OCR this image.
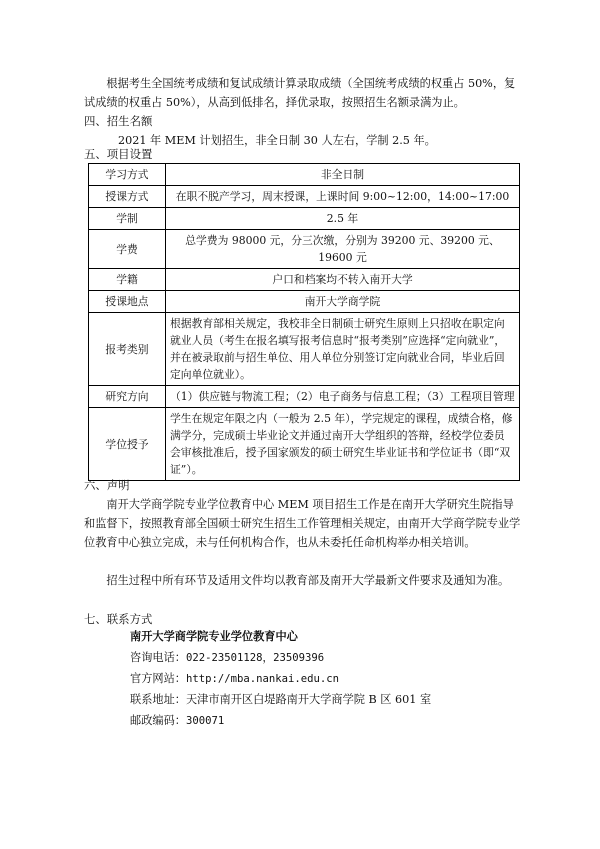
根据考生全国统考成绩和复试成绩计算录取成绩（全国统考成绩的权重占 50%，复试成绩的权重占 50%），从高到低排名，择优录取，按照招生名额录满为止。

四、招生名额

2021 年 MEM 计划招生，非全日制 30 人左右，学制 2.5 年。

五、项目设置

学习方式	非全日制
授课方式	在职不脱产学习，周末授课，上课时间 9:00~12:00，14:00~17:00
学制	2.5 年
学费	总学费为 98000 元，分三次缴，分别为 39200 元、39200 元、19600 元
学籍	户口和档案均不转入南开大学
授课地点	南开大学商学院
报考类别	根据教育部相关规定，我校非全日制硕士研究生原则上只招收在职定向就业人员（考生在报名填写报考信息时“报考类别”应选择“定向就业”，并在被录取前与招生单位、用人单位分别签订定向就业合同，毕业后回定向单位就业）。
研究方向	（1）供应链与物流工程；（2）电子商务与信息工程；（3）工程项目管理
学位授予	学生在规定年限之内（一般为 2.5 年），学完规定的课程，成绩合格，修满学分，完成硕士毕业论文并通过南开大学组织的答辩，经校学位委员会审核批准后，授予国家颁发的硕士研究生毕业证书和学位证书（即“双证”）。

六、声明

南开大学商学院专业学位教育中心 MEM 项目招生工作是在南开大学研究生院指导和监督下，按照教育部全国硕士研究生招生工作管理相关规定，由南开大学商学院专业学位教育中心独立完成，未与任何机构合作，也从未委托任命机构举办相关培训。

招生过程中所有环节及适用文件均以教育部及南开大学最新文件要求及通知为准。

七、联系方式

南开大学商学院专业学位教育中心

咨询电话：022-23501128，23509396

官方网站：http://mba.nankai.edu.cn

联系地址：天津市南开区白堤路南开大学商学院 B 区 601 室

邮政编码：300071
